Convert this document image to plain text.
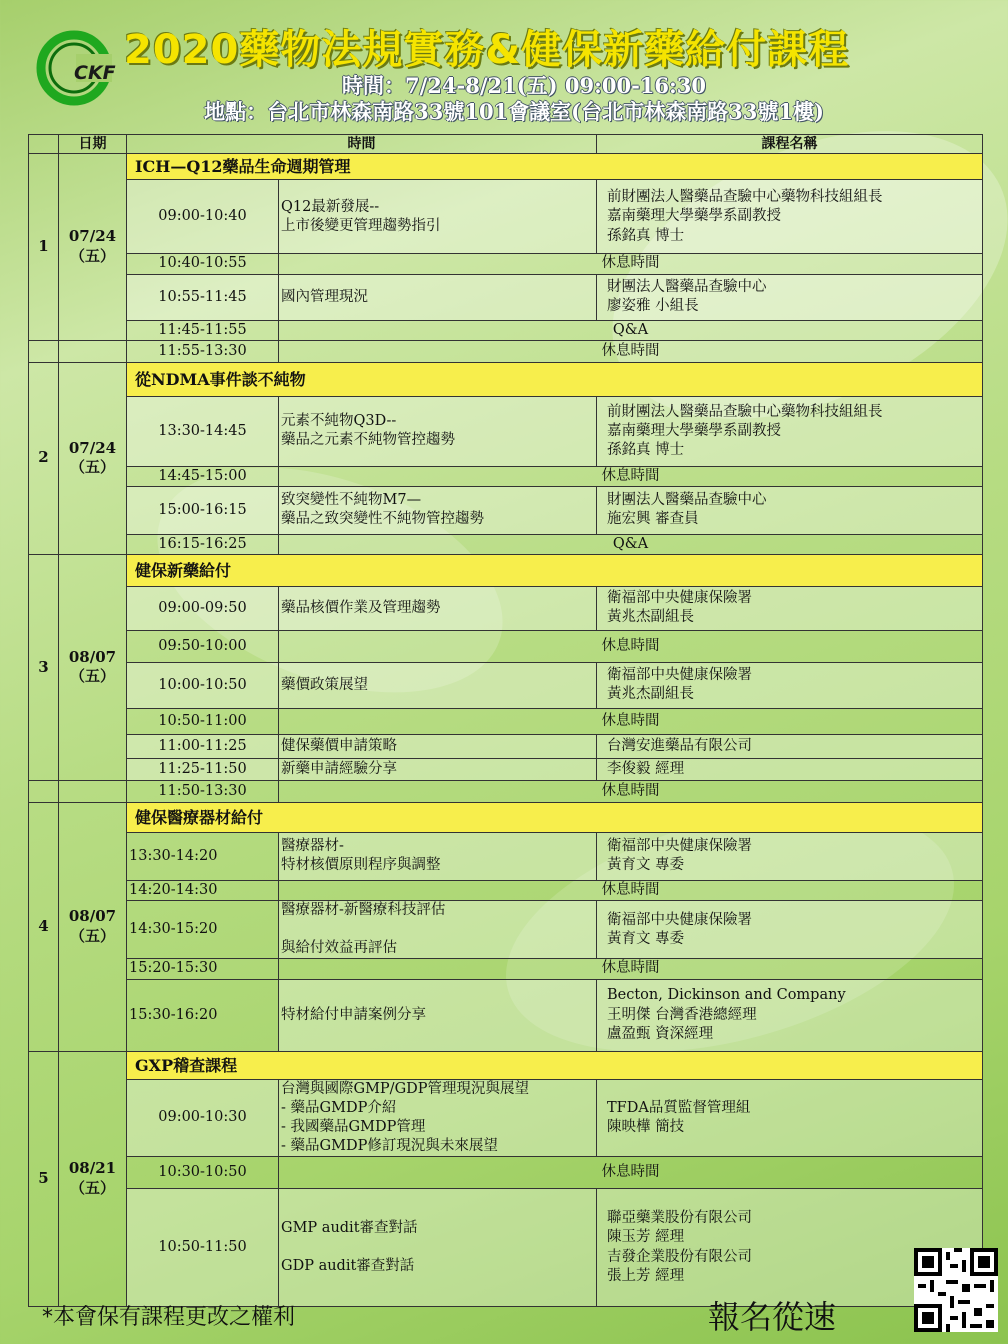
CKF 2020藥物法規實務&健保新藥給付課程
時間：7/24-8/21(五) 09:00-16:30
地點：台北市林森南路33號101會議室(台北市林森南路33號1樓)
	日期	時間		課程名稱
1	07/24
（五）	ICH—Q12藥品生命週期管理		
		09:00-10:40	Q12最新發展--
上市後變更管理趨勢指引	前財團法人醫藥品查驗中心藥物科技組組長
嘉南藥理大學藥學系副教授
孫銘真 博士
		10:40-10:55	休息時間	
		10:55-11:45	國內管理現況	財團法人醫藥品查驗中心
廖姿雅 小組長
		11:45-11:55	Q&A	
		11:55-13:30	休息時間	
2	07/24
（五）	從NDMA事件談不純物		
		13:30-14:45	元素不純物Q3D--
藥品之元素不純物管控趨勢	前財團法人醫藥品查驗中心藥物科技組組長
嘉南藥理大學藥學系副教授
孫銘真 博士
		14:45-15:00	休息時間	
		15:00-16:15	致突變性不純物M7—
藥品之致突變性不純物管控趨勢	財團法人醫藥品查驗中心
施宏興 審查員
		16:15-16:25	Q&A	
3	08/07
（五）	健保新藥給付		
		09:00-09:50	藥品核價作業及管理趨勢	衛福部中央健康保險署
黃兆杰副組長
		09:50-10:00	休息時間	
		10:00-10:50	藥價政策展望	衛福部中央健康保險署
黃兆杰副組長
		10:50-11:00	休息時間	
		11:00-11:25	健保藥價申請策略	台灣安進藥品有限公司
		11:25-11:50	新藥申請經驗分享	李俊毅 經理
		11:50-13:30	休息時間	
4	08/07
（五）	健保醫療器材給付		
		13:30-14:20	醫療器材-
特材核價原則程序與調整	衛福部中央健康保險署
黃育文 專委
		14:20-14:30	休息時間	
		14:30-15:20	醫療器材-新醫療科技評估

與給付效益再評估	衛福部中央健康保險署
黃育文 專委
		15:20-15:30	休息時間	
		15:30-16:20	特材給付申請案例分享	Becton, Dickinson and Company
王明傑 台灣香港總經理
盧盈甄 資深經理
5	08/21
（五）	GXP稽查課程		
		09:00-10:30	台灣與國際GMP/GDP管理現況與展望
- 藥品GMDP介紹
- 我國藥品GMDP管理
- 藥品GMDP修訂現況與未來展望	TFDA品質監督管理組
陳映樺 簡技
		10:30-10:50	休息時間	
		10:50-11:50	GMP audit審查對話

GDP audit審查對話	聯亞藥業股份有限公司
陳玉芳 經理
吉發企業股份有限公司
張上芳 經理
*本會保有課程更改之權利	報名從速
